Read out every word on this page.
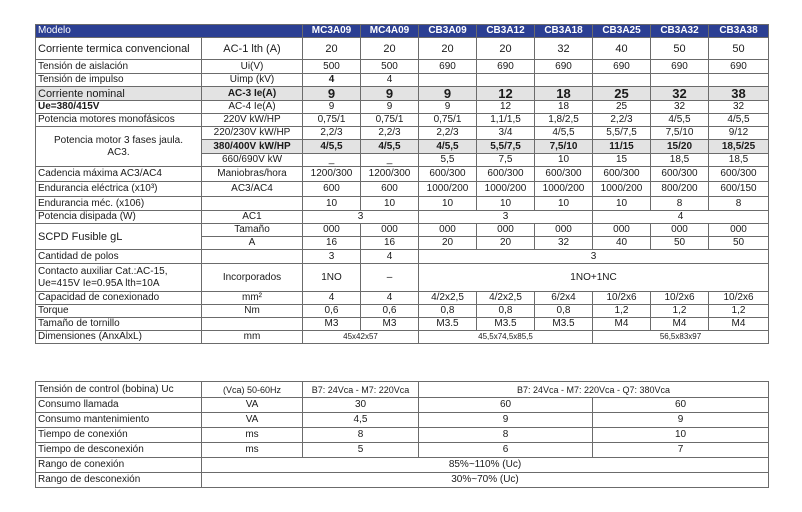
Modelo		MC3A09	MC4A09	CB3A09	CB3A12	CB3A18	CB3A25	CB3A32	CB3A38
Corriente termica convencional	AC-1 lth (A)	20	20	20	20	32	40	50	50
Tensión de aislación	Ui(V)	500	500	690	690	690	690	690	690
Tensión de impulso	Uimp (kV)	4	4						
Corriente nominal	AC-3 Ie(A)	9	9	9	12	18	25	32	38
Ue=380/415V	AC-4 Ie(A)	9	9	9	12	18	25	32	32
Potencia motores monofásicos	220V kW/HP	0,75/1	0,75/1	0,75/1	1,1/1,5	1,8/2,5	2,2/3	4/5,5	4/5,5
Potencia motor 3 fases jaula. AC3.	220/230V kW/HP	2,2/3	2,2/3	2,2/3	3/4	4/5,5	5,5/7,5	7,5/10	9/12
	380/400V kW/HP	4/5,5	4/5,5	4/5,5	5,5/7,5	7,5/10	11/15	15/20	18,5/25
	660/690V kW	_	_	5,5	7,5	10	15	18,5	18,5
Cadencia máxima AC3/AC4	Maniobras/hora	1200/300	1200/300	600/300	600/300	600/300	600/300	600/300	600/300
Endurancia eléctrica (x10³)	AC3/AC4	600	600	1000/200	1000/200	1000/200	1000/200	800/200	600/150
Endurancia méc. (x106)		10	10	10	10	10	10	8	8
Potencia disipada (W)	AC1	3		3			4		
SCPD Fusible gL	Tamaño	000	000	000	000	000	000	000	000
	A	16	16	20	20	32	40	50	50
Cantidad de polos		3	4	3					
Contacto auxiliar Cat.:AC-15, Ue=415V Ie=0.95A lth=10A	Incorporados	1NO	–	1NO+1NC					
Capacidad de conexionado	mm²	4	4	4/2x2,5	4/2x2,5	6/2x4	10/2x6	10/2x6	10/2x6
Torque	Nm	0,6	0,6	0,8	0,8	0,8	1,2	1,2	1,2
Tamaño de tornillo		M3	M3	M3.5	M3.5	M3.5	M4	M4	M4
Dimensiones (AnxAlxL)	mm	45x42x57		45,5x74,5x85,5			56,5x83x97		
Tensión de control (bobina) Uc	(Vca) 50-60Hz	B7: 24Vca - M7: 220Vca	B7: 24Vca - M7: 220Vca - Q7: 380Vca	
Consumo llamada	VA	30	60	60
Consumo mantenimiento	VA	4,5	9	9
Tiempo de conexión	ms	8	8	10
Tiempo de desconexión	ms	5	6	7
Rango de conexión	85%~110% (Uc)			
Rango de desconexión	30%~70% (Uc)			
